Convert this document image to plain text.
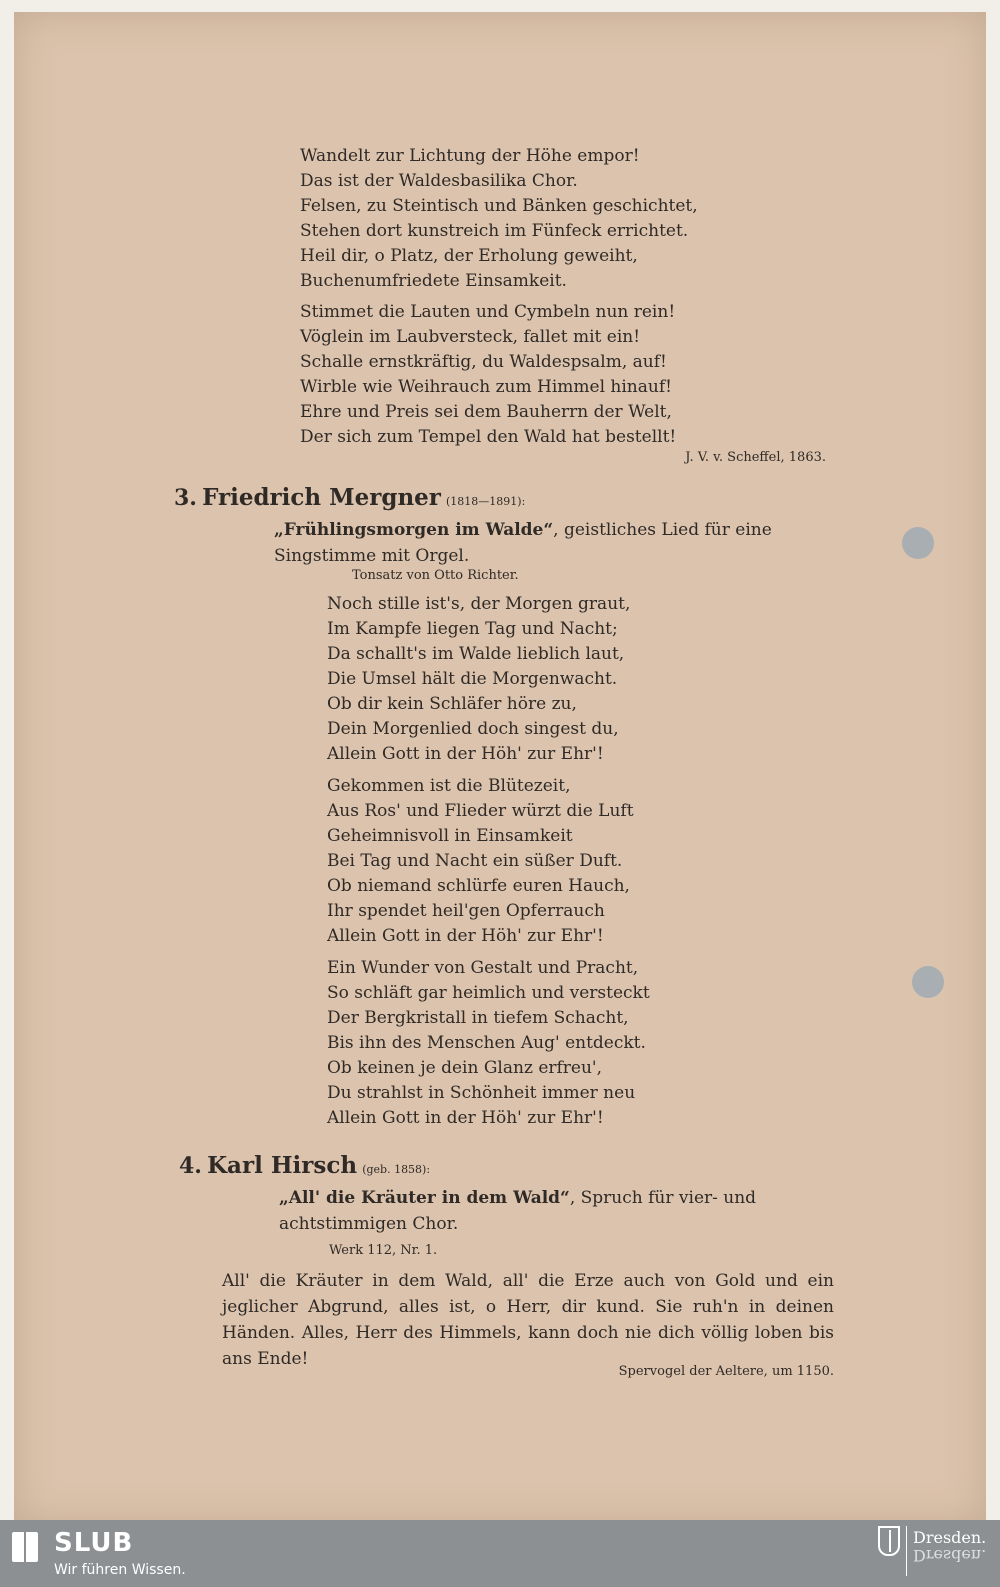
Wandelt zur Lichtung der Höhe empor!
Das ist der Waldesbasilika Chor.
Felsen, zu Steintisch und Bänken geschichtet,
Stehen dort kunstreich im Fünfeck errichtet.
Heil dir, o Platz, der Erholung geweiht,
Buchenumfriedete Einsamkeit.
Stimmet die Lauten und Cymbeln nun rein!
Vöglein im Laubversteck, fallet mit ein!
Schalle ernstkräftig, du Waldespsalm, auf!
Wirble wie Weihrauch zum Himmel hinauf!
Ehre und Preis sei dem Bauherrn der Welt,
Der sich zum Tempel den Wald hat bestellt!
J. V. v. Scheffel, 1863.
3. Friedrich Mergner (1818—1891):
„Frühlingsmorgen im Walde“, geistliches Lied für eine Singstimme mit Orgel.
Tonsatz von Otto Richter.
Noch stille ist's, der Morgen graut,
Im Kampfe liegen Tag und Nacht;
Da schallt's im Walde lieblich laut,
Die Umsel hält die Morgenwacht.
Ob dir kein Schläfer höre zu,
Dein Morgenlied doch singest du,
Allein Gott in der Höh' zur Ehr'!
Gekommen ist die Blütezeit,
Aus Ros' und Flieder würzt die Luft
Geheimnisvoll in Einsamkeit
Bei Tag und Nacht ein süßer Duft.
Ob niemand schlürfe euren Hauch,
Ihr spendet heil'gen Opferrauch
Allein Gott in der Höh' zur Ehr'!
Ein Wunder von Gestalt und Pracht,
So schläft gar heimlich und versteckt
Der Bergkristall in tiefem Schacht,
Bis ihn des Menschen Aug' entdeckt.
Ob keinen je dein Glanz erfreu',
Du strahlst in Schönheit immer neu
Allein Gott in der Höh' zur Ehr'!
4. Karl Hirsch (geb. 1858):
„All' die Kräuter in dem Wald“, Spruch für vier- und achtstimmigen Chor.
Werk 112, Nr. 1.
All' die Kräuter in dem Wald, all' die Erze auch von Gold und ein jeglicher Abgrund, alles ist, o Herr, dir kund. Sie ruh'n in deinen Händen. Alles, Herr des Himmels, kann doch nie dich völlig loben bis ans Ende!
Spervogel der Aeltere, um 1150.
SLUB
Wir führen Wissen.
Dresden.
Dresden.
